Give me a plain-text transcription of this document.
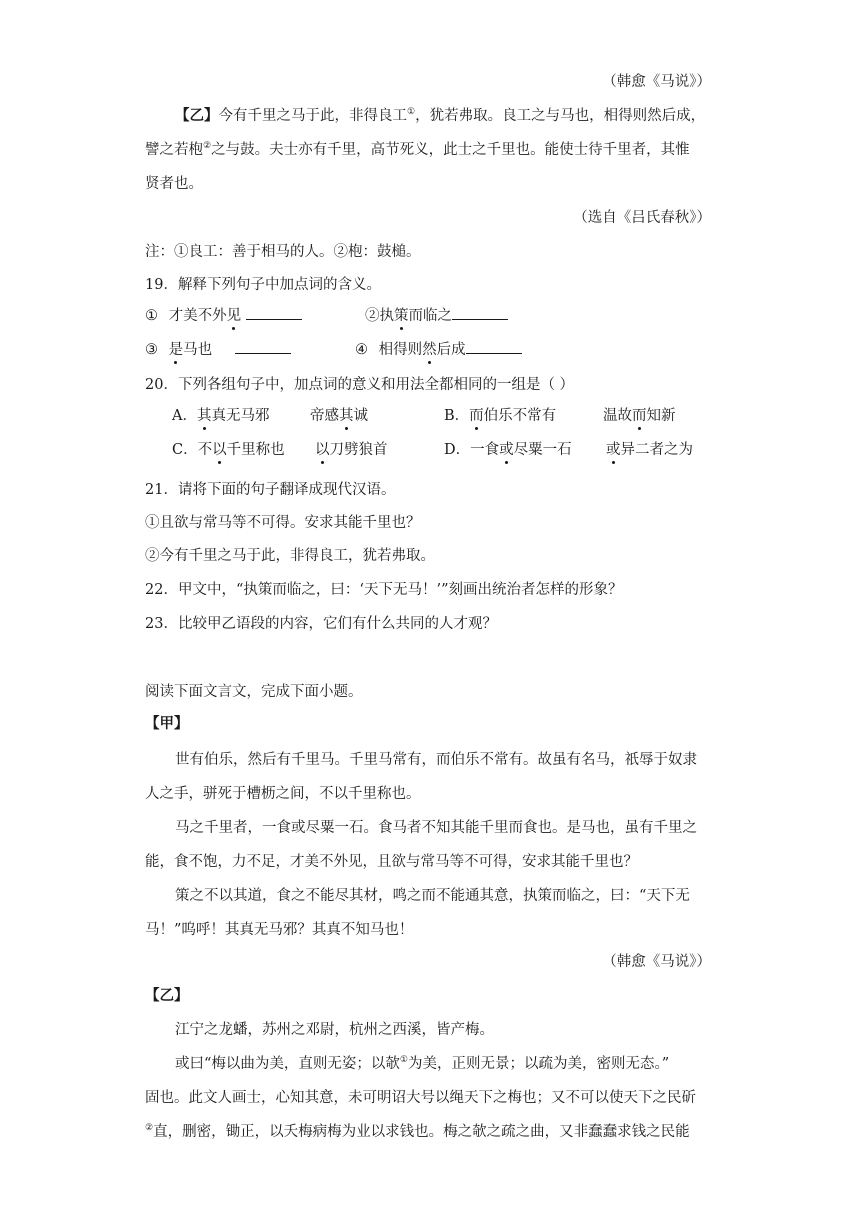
（韩愈《马说》）
【乙】今有千里之马于此，非得良工①，犹若弗取。良工之与马也，相得则然后成，
譬之若枹②之与鼓。夫士亦有千里，高节死义，此士之千里也。能使士待千里者，其惟
贤者也。
（选自《吕氏春秋》）
注：①良工：善于相马的人。②枹：鼓槌。
19．解释下列句子中加点词的含义。
① 才美不外见	②执策而临之
③ 是马也	④ 相得则然后成
20．下列各组句子中，加点词的意义和用法全都相同的一组是（ ）
A．其真无马邪	帝感其诚	B．而伯乐不常有	温故而知新
C．不以千里称也 以刀劈狼首	D．一食或尽粟一石 或异二者之为
21．请将下面的句子翻译成现代汉语。
①且欲与常马等不可得。安求其能千里也？
②今有千里之马于此，非得良工，犹若弗取。
22．甲文中，“执策而临之，曰：‘天下无马！’”刻画出统治者怎样的形象？
23．比较甲乙语段的内容，它们有什么共同的人才观？
阅读下面文言文，完成下面小题。
【甲】
世有伯乐，然后有千里马。千里马常有，而伯乐不常有。故虽有名马，祇辱于奴隶
人之手，骈死于槽枥之间，不以千里称也。
马之千里者，一食或尽粟一石。食马者不知其能千里而食也。是马也，虽有千里之
能，食不饱，力不足，才美不外见，且欲与常马等不可得，安求其能千里也？
策之不以其道，食之不能尽其材，鸣之而不能通其意，执策而临之，曰：“天下无
马！”呜呼！其真无马邪？其真不知马也！
（韩愈《马说》）
【乙】
江宁之龙蟠，苏州之邓尉，杭州之西溪，皆产梅。
或曰“梅以曲为美，直则无姿；以欹①为美，正则无景；以疏为美，密则无态。”
固也。此文人画士，心知其意，未可明诏大号以绳天下之梅也；又不可以使天下之民斫
②直，删密，锄正，以夭梅病梅为业以求钱也。梅之欹之疏之曲，又非蠢蠢求钱之民能
